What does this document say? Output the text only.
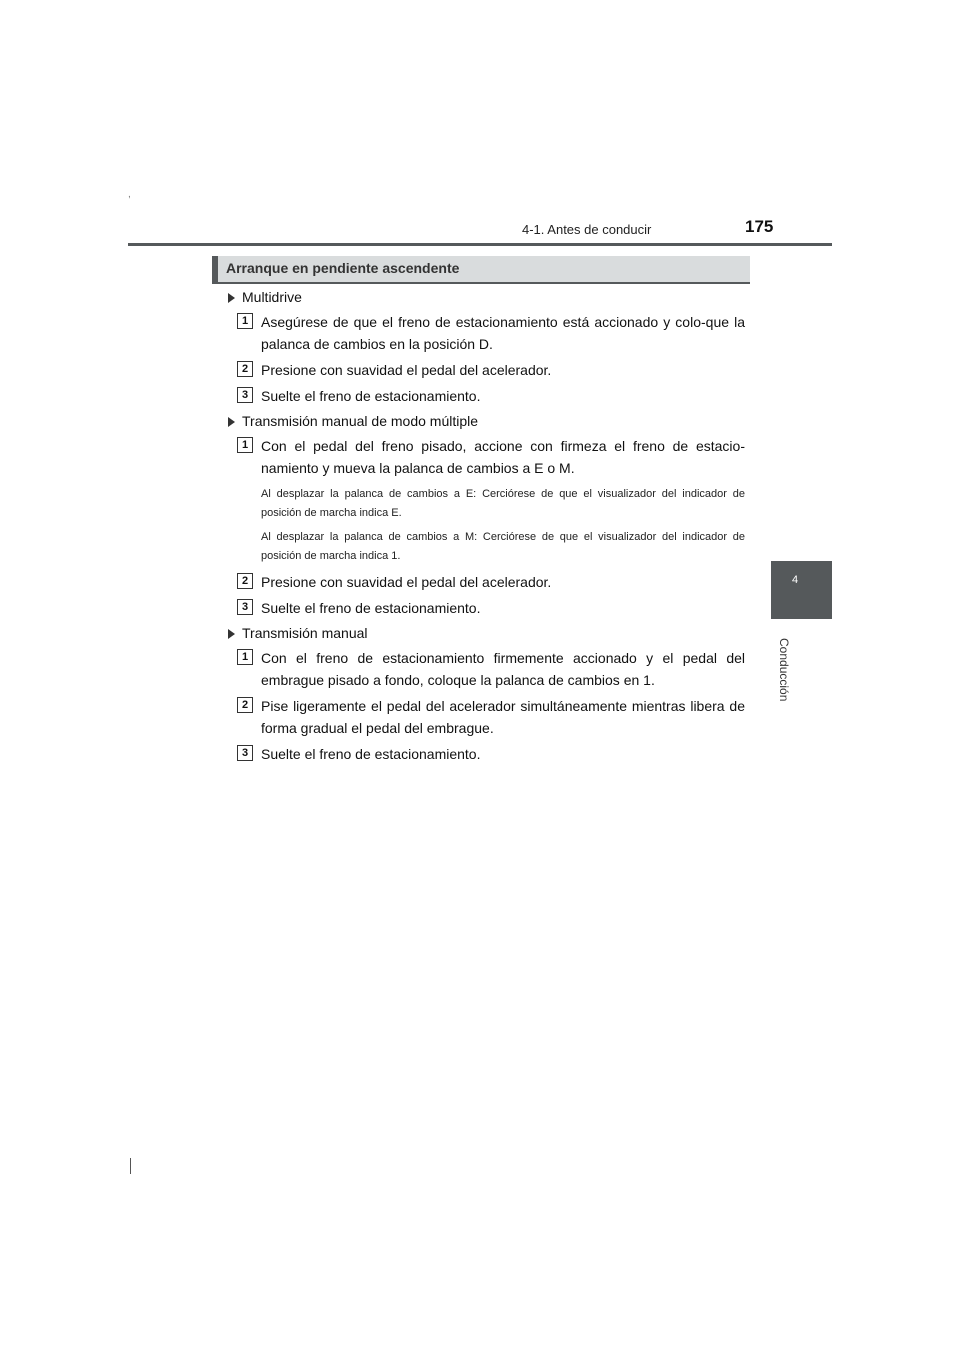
4-1. Antes de conducir	175
4
Conducción
,
Arranque en pendiente ascendente
Multidrive
1 Asegúrese de que el freno de estacionamiento está accionado y colo-que la palanca de cambios en la posición D.
2 Presione con suavidad el pedal del acelerador.
3 Suelte el freno de estacionamiento.
Transmisión manual de modo múltiple
1 Con el pedal del freno pisado, accione con firmeza el freno de estacio-namiento y mueva la palanca de cambios a E o M.
Al desplazar la palanca de cambios a E: Cerciórese de que el visualizador del indicador de posición de marcha indica E.
Al desplazar la palanca de cambios a M: Cerciórese de que el visualizador del indicador de posición de marcha indica 1.
2 Presione con suavidad el pedal del acelerador.
3 Suelte el freno de estacionamiento.
Transmisión manual
1 Con el freno de estacionamiento firmemente accionado y el pedal del embrague pisado a fondo, coloque la palanca de cambios en 1.
2 Pise ligeramente el pedal del acelerador simultáneamente mientras libera de forma gradual el pedal del embrague.
3 Suelte el freno de estacionamiento.
